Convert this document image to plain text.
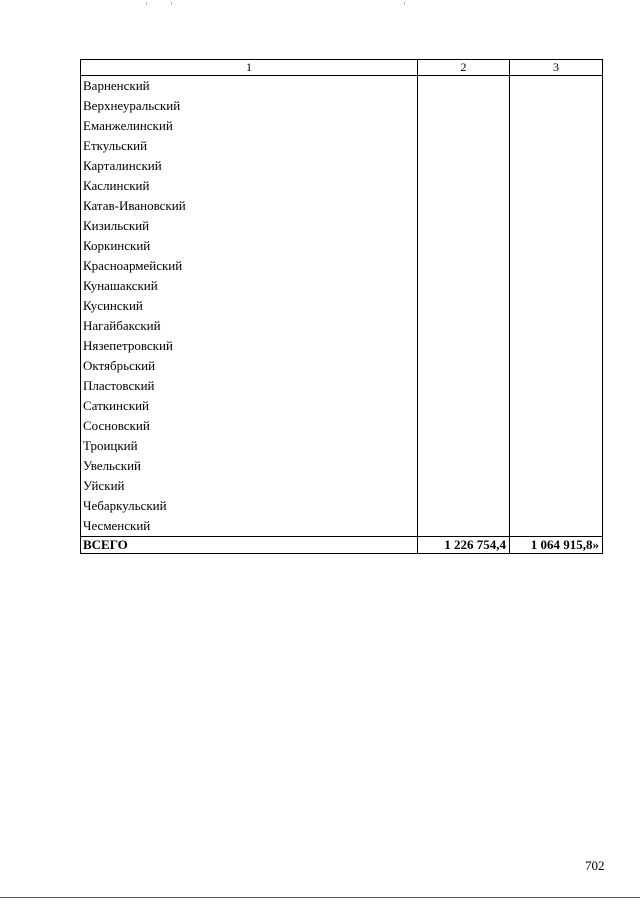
1	2	3
Варненский		
Верхнеуральский		
Еманжелинский		
Еткульский		
Карталинский		
Каслинский		
Катав-Ивановский		
Кизильский		
Коркинский		
Красноармейский		
Кунашакский		
Кусинский		
Нагайбакский		
Нязепетровский		
Октябрьский		
Пластовский		
Саткинский		
Сосновский		
Троицкий		
Увельский		
Уйский		
Чебаркульский		
Чесменский		
ВСЕГО	1 226 754,4	1 064 915,8»
702
